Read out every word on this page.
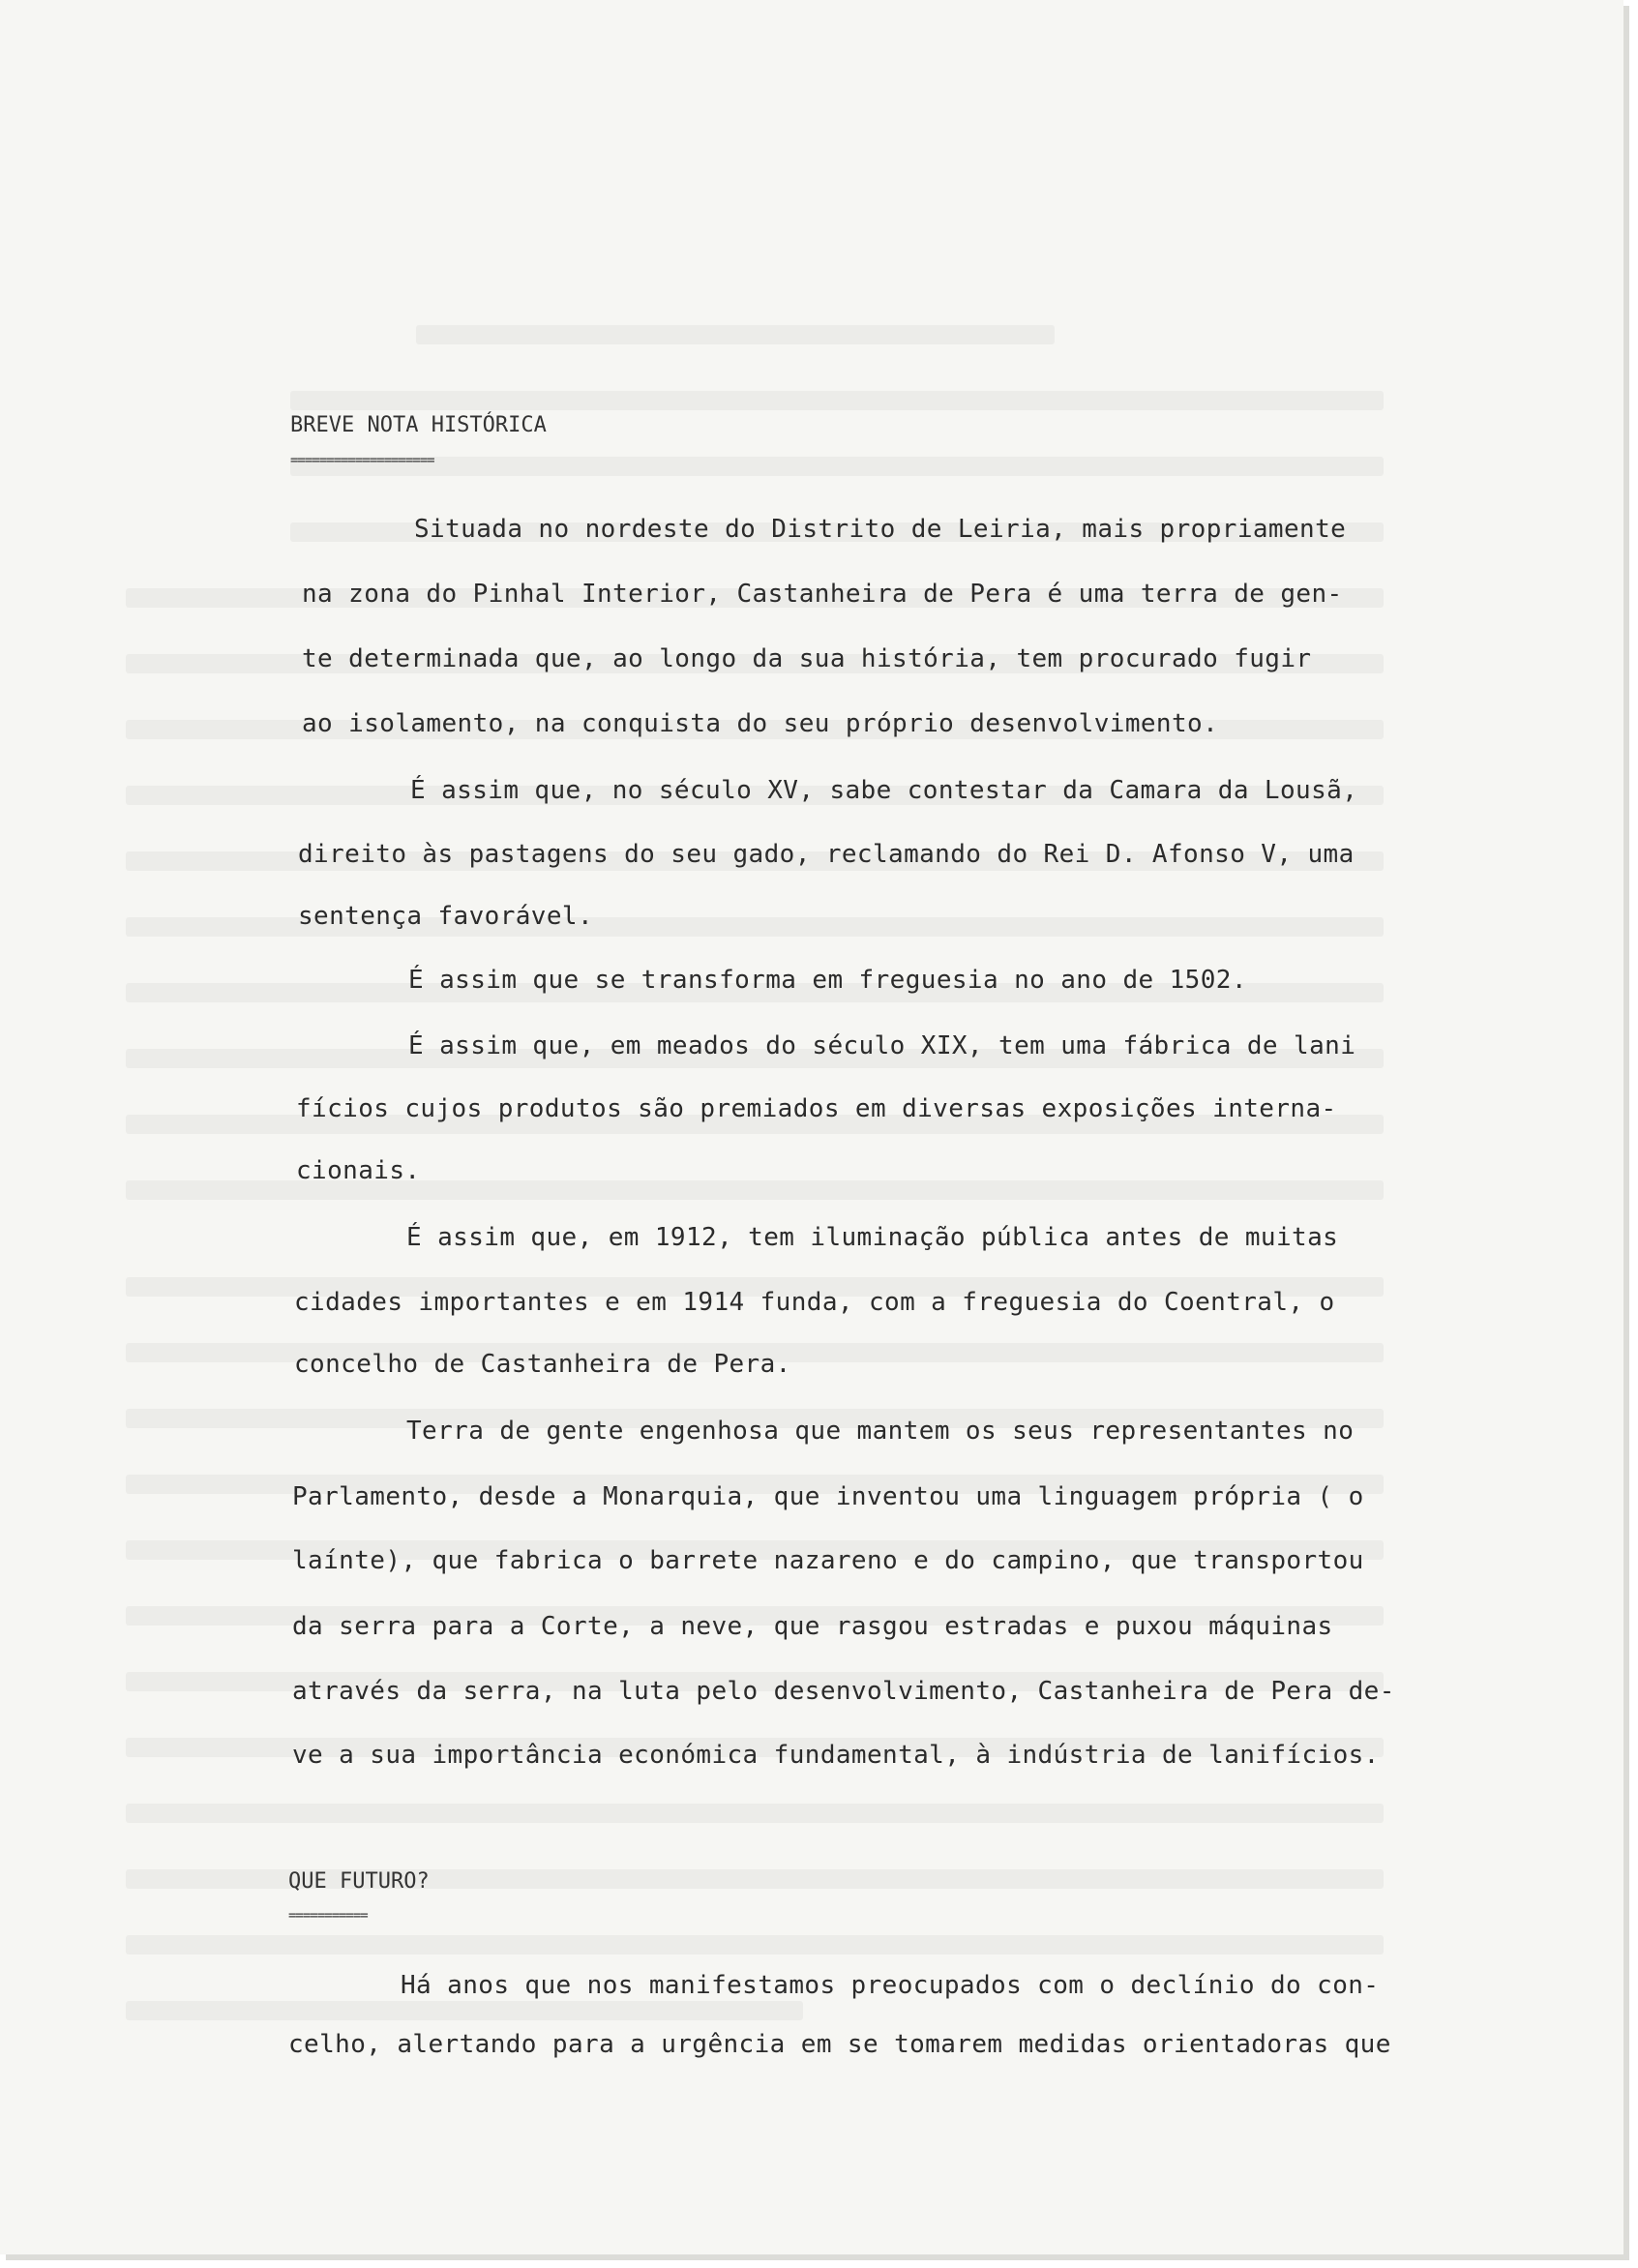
BREVE NOTA HISTÓRICA

====================

Situada no nordeste do Distrito de Leiria, mais propriamente

na zona do Pinhal Interior, Castanheira de Pera é uma terra de gen-

te determinada que, ao longo da sua história, tem procurado fugir

ao isolamento, na conquista do seu próprio desenvolvimento.

É assim que, no século XV, sabe contestar da Camara da Lousã,

direito às pastagens do seu gado, reclamando do Rei D. Afonso V, uma

sentença favorável.

É assim que se transforma em freguesia no ano de 1502.

É assim que, em meados do século XIX, tem uma fábrica de lani

fícios cujos produtos são premiados em diversas exposições interna-

cionais.

É assim que, em 1912, tem iluminação pública antes de muitas

cidades importantes e em 1914 funda, com a freguesia do Coentral, o

concelho de Castanheira de Pera.

Terra de gente engenhosa que mantem os seus representantes no

Parlamento, desde a Monarquia, que inventou uma linguagem própria ( o

laínte), que fabrica o barrete nazareno e do campino, que transportou

da serra para a Corte, a neve, que rasgou estradas e puxou máquinas

através da serra, na luta pelo desenvolvimento, Castanheira de Pera de-

ve a sua importância económica fundamental, à indústria de lanifícios.

QUE FUTURO?

===========

Há anos que nos manifestamos preocupados com o declínio do con-

celho, alertando para a urgência em se tomarem medidas orientadoras que
